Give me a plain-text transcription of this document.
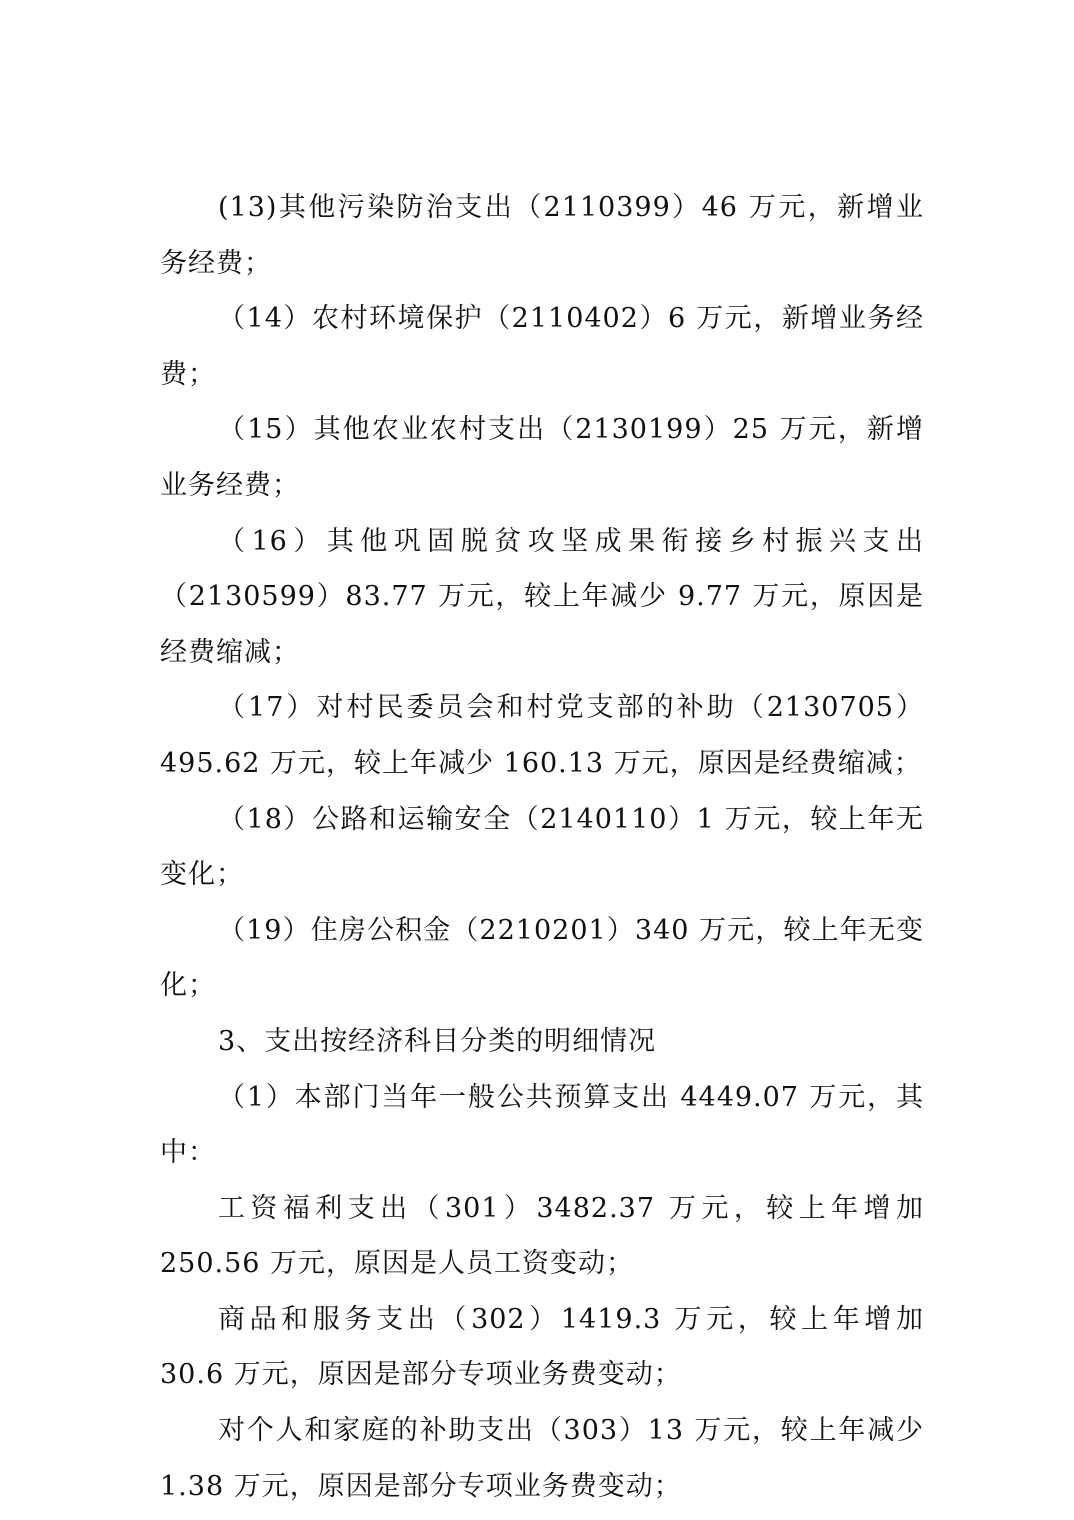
(13)其他污染防治支出（2110399）46 万元，新增业务经费；

（14）农村环境保护（2110402）6 万元，新增业务经费；

（15）其他农业农村支出（2130199）25 万元，新增业务经费；

（16）其他巩固脱贫攻坚成果衔接乡村振兴支出（2130599）83.77 万元，较上年减少 9.77 万元，原因是经费缩减；

（17）对村民委员会和村党支部的补助（2130705）495.62 万元，较上年减少 160.13 万元，原因是经费缩减；

（18）公路和运输安全（2140110）1 万元，较上年无变化；

（19）住房公积金（2210201）340 万元，较上年无变化；

3、支出按经济科目分类的明细情况

（1）本部门当年一般公共预算支出 4449.07 万元，其中：

工资福利支出（301）3482.37 万元，较上年增加 250.56 万元，原因是人员工资变动；

商品和服务支出（302）1419.3 万元，较上年增加 30.6 万元，原因是部分专项业务费变动；

对个人和家庭的补助支出（303）13 万元，较上年减少 1.38 万元，原因是部分专项业务费变动；
